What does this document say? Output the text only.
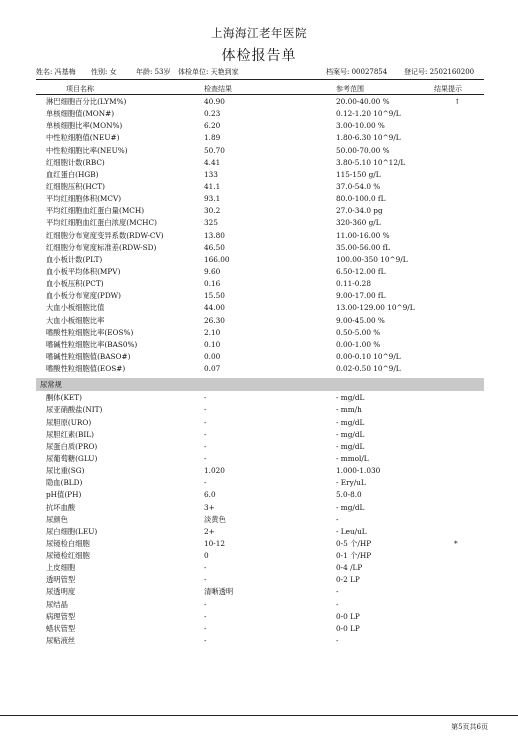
上海海江老年医院
体检报告单
姓名: 冯基梅 性别: 女	年龄: 53岁 体检单位: 天艳到家	档案号: 00027854 登记号: 2502160200
项目名称	检查结果	参考范围	结果提示
淋巴细胞百分比(LYM%)	40.90	20.00-40.00 %	↑
单核细胞值(MON#)	0.23	0.12-1.20 10^9/L
单核细胞比率(MON%)	6.20	3.00-10.00 %
中性粒细胞值(NEU#)	1.89	1.80-6.30 10^9/L
中性粒细胞比率(NEU%)	50.70	50.00-70.00 %
红细胞计数(RBC)	4.41	3.80-5.10 10^12/L
血红蛋白(HGB)	133	115-150 g/L
红细胞压积(HCT)	41.1	37.0-54.0 %
平均红细胞体积(MCV)	93.1	80.0-100.0 fL
平均红细胞血红蛋白量(MCH)	30.2	27.0-34.0 pg
平均红细胞血红蛋白浓度(MCHC)	325	320-360 g/L
红细胞分布宽度变异系数(RDW-CV)	13.80	11.00-16.00 %
红细胞分布宽度标准差(RDW-SD)	46.50	35.00-56.00 fL
血小板计数(PLT)	166.00	100.00-350 10^9/L
血小板平均体积(MPV)	9.60	6.50-12.00 fL
血小板压积(PCT)	0.16	0.11-0.28
血小板分布宽度(PDW)	15.50	9.00-17.00 fL
大血小板细胞比值	44.00	13.00-129.00 10^9/L
大血小板细胞比率	26.30	9.00-45.00 %
嗜酸性粒细胞比率(EOS%)	2.10	0.50-5.00 %
嗜碱性粒细胞比率(BAS0%)	0.10	0.00-1.00 %
嗜碱性粒细胞值(BASO#)	0.00	0.00-0.10 10^9/L
嗜酸性粒细胞值(EOS#)	0.07	0.02-0.50 10^9/L
尿常规
酮体(KET)	-	- mg/dL
尿亚硝酸盐(NIT)	-	- mm/h
尿胆原(URO)	-	- mg/dL
尿胆红素(BIL)	-	- mg/dL
尿蛋白质(PRO)	-	- mg/dL
尿葡萄糖(GLU)	-	- mmol/L
尿比重(SG)	1.020	1.000-1.030
隐血(BLD)	-	- Ery/uL
pH值(PH)	6.0	5.0-8.0
抗坏血酸	3+	- mg/dL
尿颜色	淡黄色	-
尿白细胞(LEU)	2+	- Leu/uL
尿镜检白细胞	10-12	0-5 个/HP	*
尿镜检红细胞	0	0-1 个/HP
上皮细胞	-	0-4 /LP
透明管型	-	0-2 LP
尿透明度	清晰透明	-
尿结晶	-	-
病理管型	-	0-0 LP
蜡状管型	-	0-0 LP
尿粘液丝	-	-
第5页共6页
